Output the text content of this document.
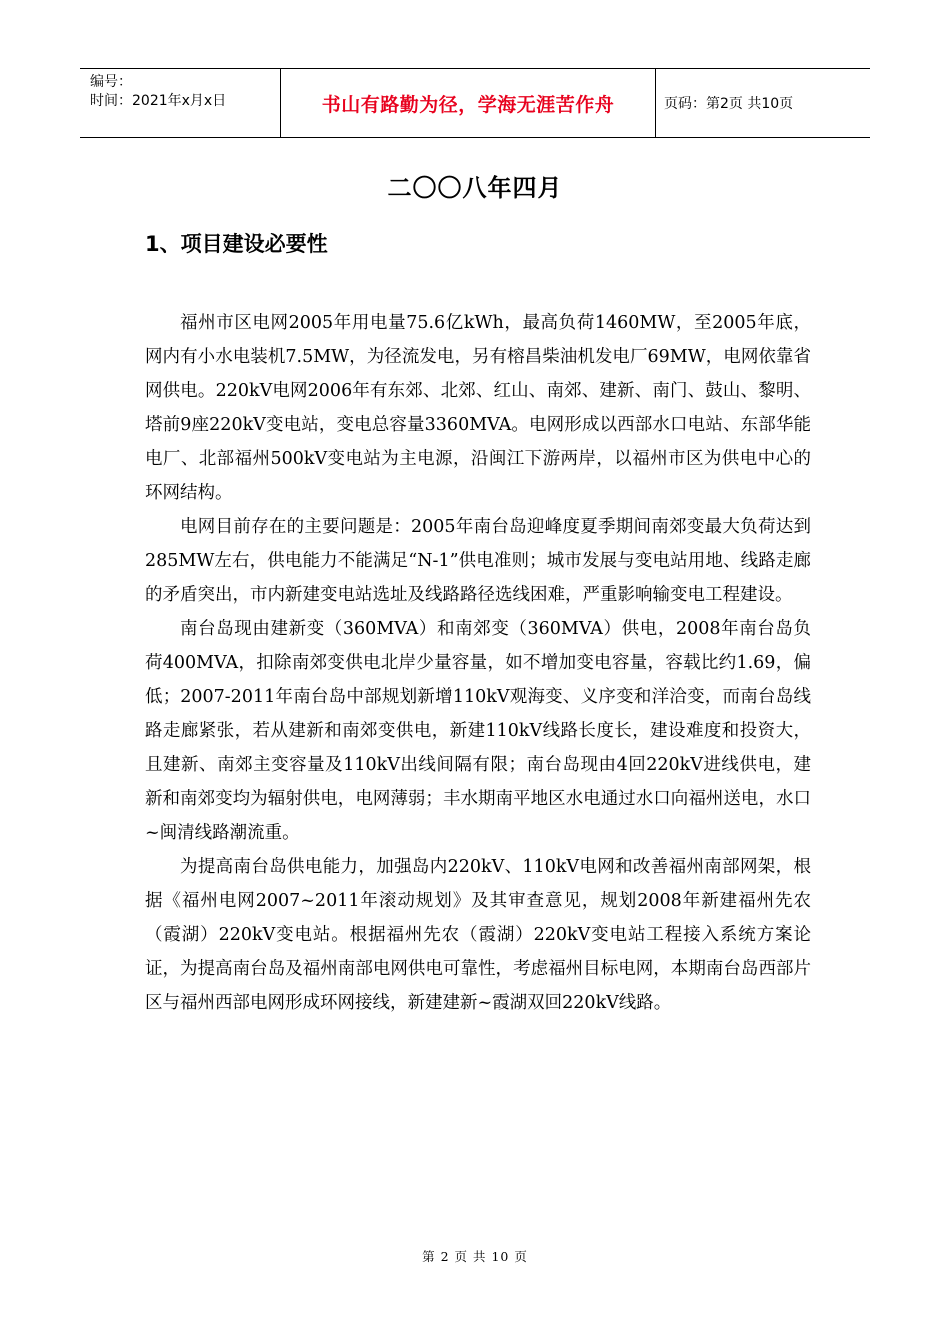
编号：
时间：2021年x月x日	书山有路勤为径，学海无涯苦作舟	页码：第2页 共10页
二〇〇八年四月
1、项目建设必要性

福州市区电网2005年用电量75.6亿kWh，最高负荷1460MW，至2005年底，网内有小水电装机7.5MW，为径流发电，另有榕昌柴油机发电厂69MW，电网依靠省网供电。220kV电网2006年有东郊、北郊、红山、南郊、建新、南门、鼓山、黎明、塔前9座220kV变电站，变电总容量3360MVA。电网形成以西部水口电站、东部华能电厂、北部福州500kV变电站为主电源，沿闽江下游两岸，以福州市区为供电中心的环网结构。

电网目前存在的主要问题是：2005年南台岛迎峰度夏季期间南郊变最大负荷达到285MW左右，供电能力不能满足“N-1”供电准则；城市发展与变电站用地、线路走廊的矛盾突出，市内新建变电站选址及线路路径选线困难，严重影响输变电工程建设。

南台岛现由建新变（360MVA）和南郊变（360MVA）供电，2008年南台岛负荷400MVA，扣除南郊变供电北岸少量容量，如不增加变电容量，容载比约1.69，偏低；2007-2011年南台岛中部规划新增110kV观海变、义序变和洋洽变，而南台岛线路走廊紧张，若从建新和南郊变供电，新建110kV线路长度长，建设难度和投资大，且建新、南郊主变容量及110kV出线间隔有限；南台岛现由4回220kV进线供电，建新和南郊变均为辐射供电，电网薄弱；丰水期南平地区水电通过水口向福州送电，水口~闽清线路潮流重。

为提高南台岛供电能力，加强岛内220kV、110kV电网和改善福州南部网架，根据《福州电网2007~2011年滚动规划》及其审查意见，规划2008年新建福州先农（霞湖）220kV变电站。根据福州先农（霞湖）220kV变电站工程接入系统方案论证，为提高南台岛及福州南部电网供电可靠性，考虑福州目标电网，本期南台岛西部片区与福州西部电网形成环网接线，新建建新~霞湖双回220kV线路。

第 2 页 共 10 页
